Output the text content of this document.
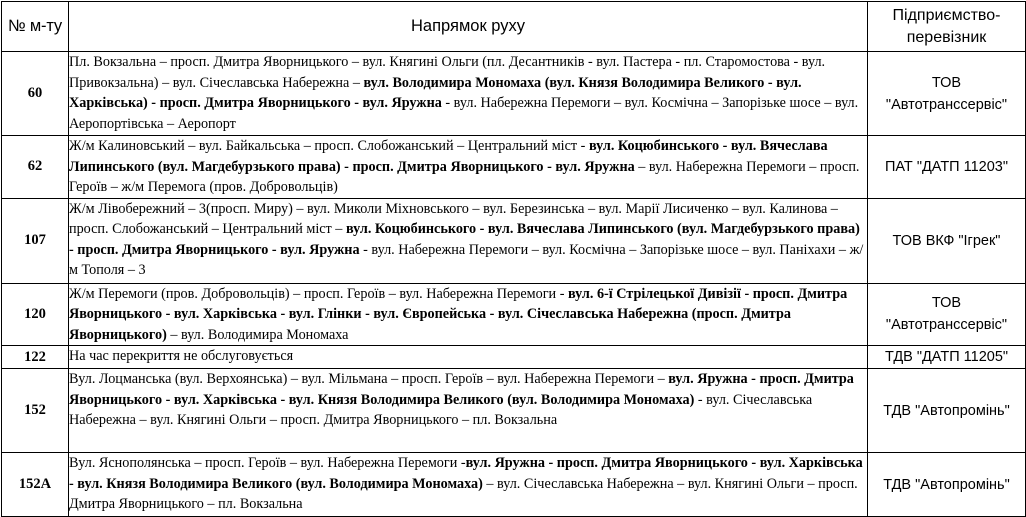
№ м-ту	Напрямок руху	Підприємство-
перевізник
60	Пл. Вокзальна – просп. Дмитра Яворницького – вул. Княгині Ольги (пл. Десантників - вул. Пастера - пл. Старомостова - вул. Привокзальна) – вул. Січеславська Набережна – вул. Володимира Мономаха (вул. Князя Володимира Великого - вул. Харківська) - просп. Дмитра Яворницького - вул. Яружна - вул. Набережна Перемоги – вул. Космічна – Запорізьке шосе – вул. Аеропортівська – Аеропорт	ТОВ
"Автотранссервіс"
62	Ж/м Калиновський – вул. Байкальська – просп. Слобожанський – Центральний міст - вул. Коцюбинського - вул. Вячеслава Липинського (вул. Магдебурзького права) - просп. Дмитра Яворницького - вул. Яружна – вул. Набережна Перемоги – просп. Героїв – ж/м Перемога (пров. Добровольців)	ПАТ "ДАТП 11203"
107	Ж/м Лівобережний – 3(просп. Миру) – вул. Миколи Міхновського – вул. Березинська – вул. Марії Лисиченко – вул. Калинова – просп. Слобожанський – Центральний міст – вул. Коцюбинського - вул. Вячеслава Липинського (вул. Магдебурзького права) - просп. Дмитра Яворницького - вул. Яружна - вул. Набережна Перемоги – вул. Космічна – Запорізьке шосе – вул. Паніхахи – ж/м Тополя – 3	ТОВ ВКФ "Ігрек"
120	Ж/м Перемоги (пров. Добровольців) – просп. Героїв – вул. Набережна Перемоги - вул. 6-ї Стрілецької Дивізії - просп. Дмитра Яворницького - вул. Харківська - вул. Глінки - вул. Європейська - вул. Січеславська Набережна (просп. Дмитра Яворницького) – вул. Володимира Мономаха	ТОВ
"Автотранссервіс"
122	На час перекриття не обслуговується	ТДВ "ДАТП 11205"
152	Вул. Лоцманська (вул. Верхоянська) – вул. Мільмана – просп. Героїв – вул. Набережна Перемоги – вул. Яружна - просп. Дмитра Яворницького - вул. Харківська - вул. Князя Володимира Великого (вул. Володимира Мономаха) - вул. Січеславська Набережна – вул. Княгині Ольги – просп. Дмитра Яворницького – пл. Вокзальна	ТДВ "Автопромінь"
152А	Вул. Яснополянська – просп. Героїв – вул. Набережна Перемоги -вул. Яружна - просп. Дмитра Яворницького - вул. Харківська - вул. Князя Володимира Великого (вул. Володимира Мономаха) – вул. Січеславська Набережна – вул. Княгині Ольги – просп. Дмитра Яворницького – пл. Вокзальна	ТДВ "Автопромінь"
